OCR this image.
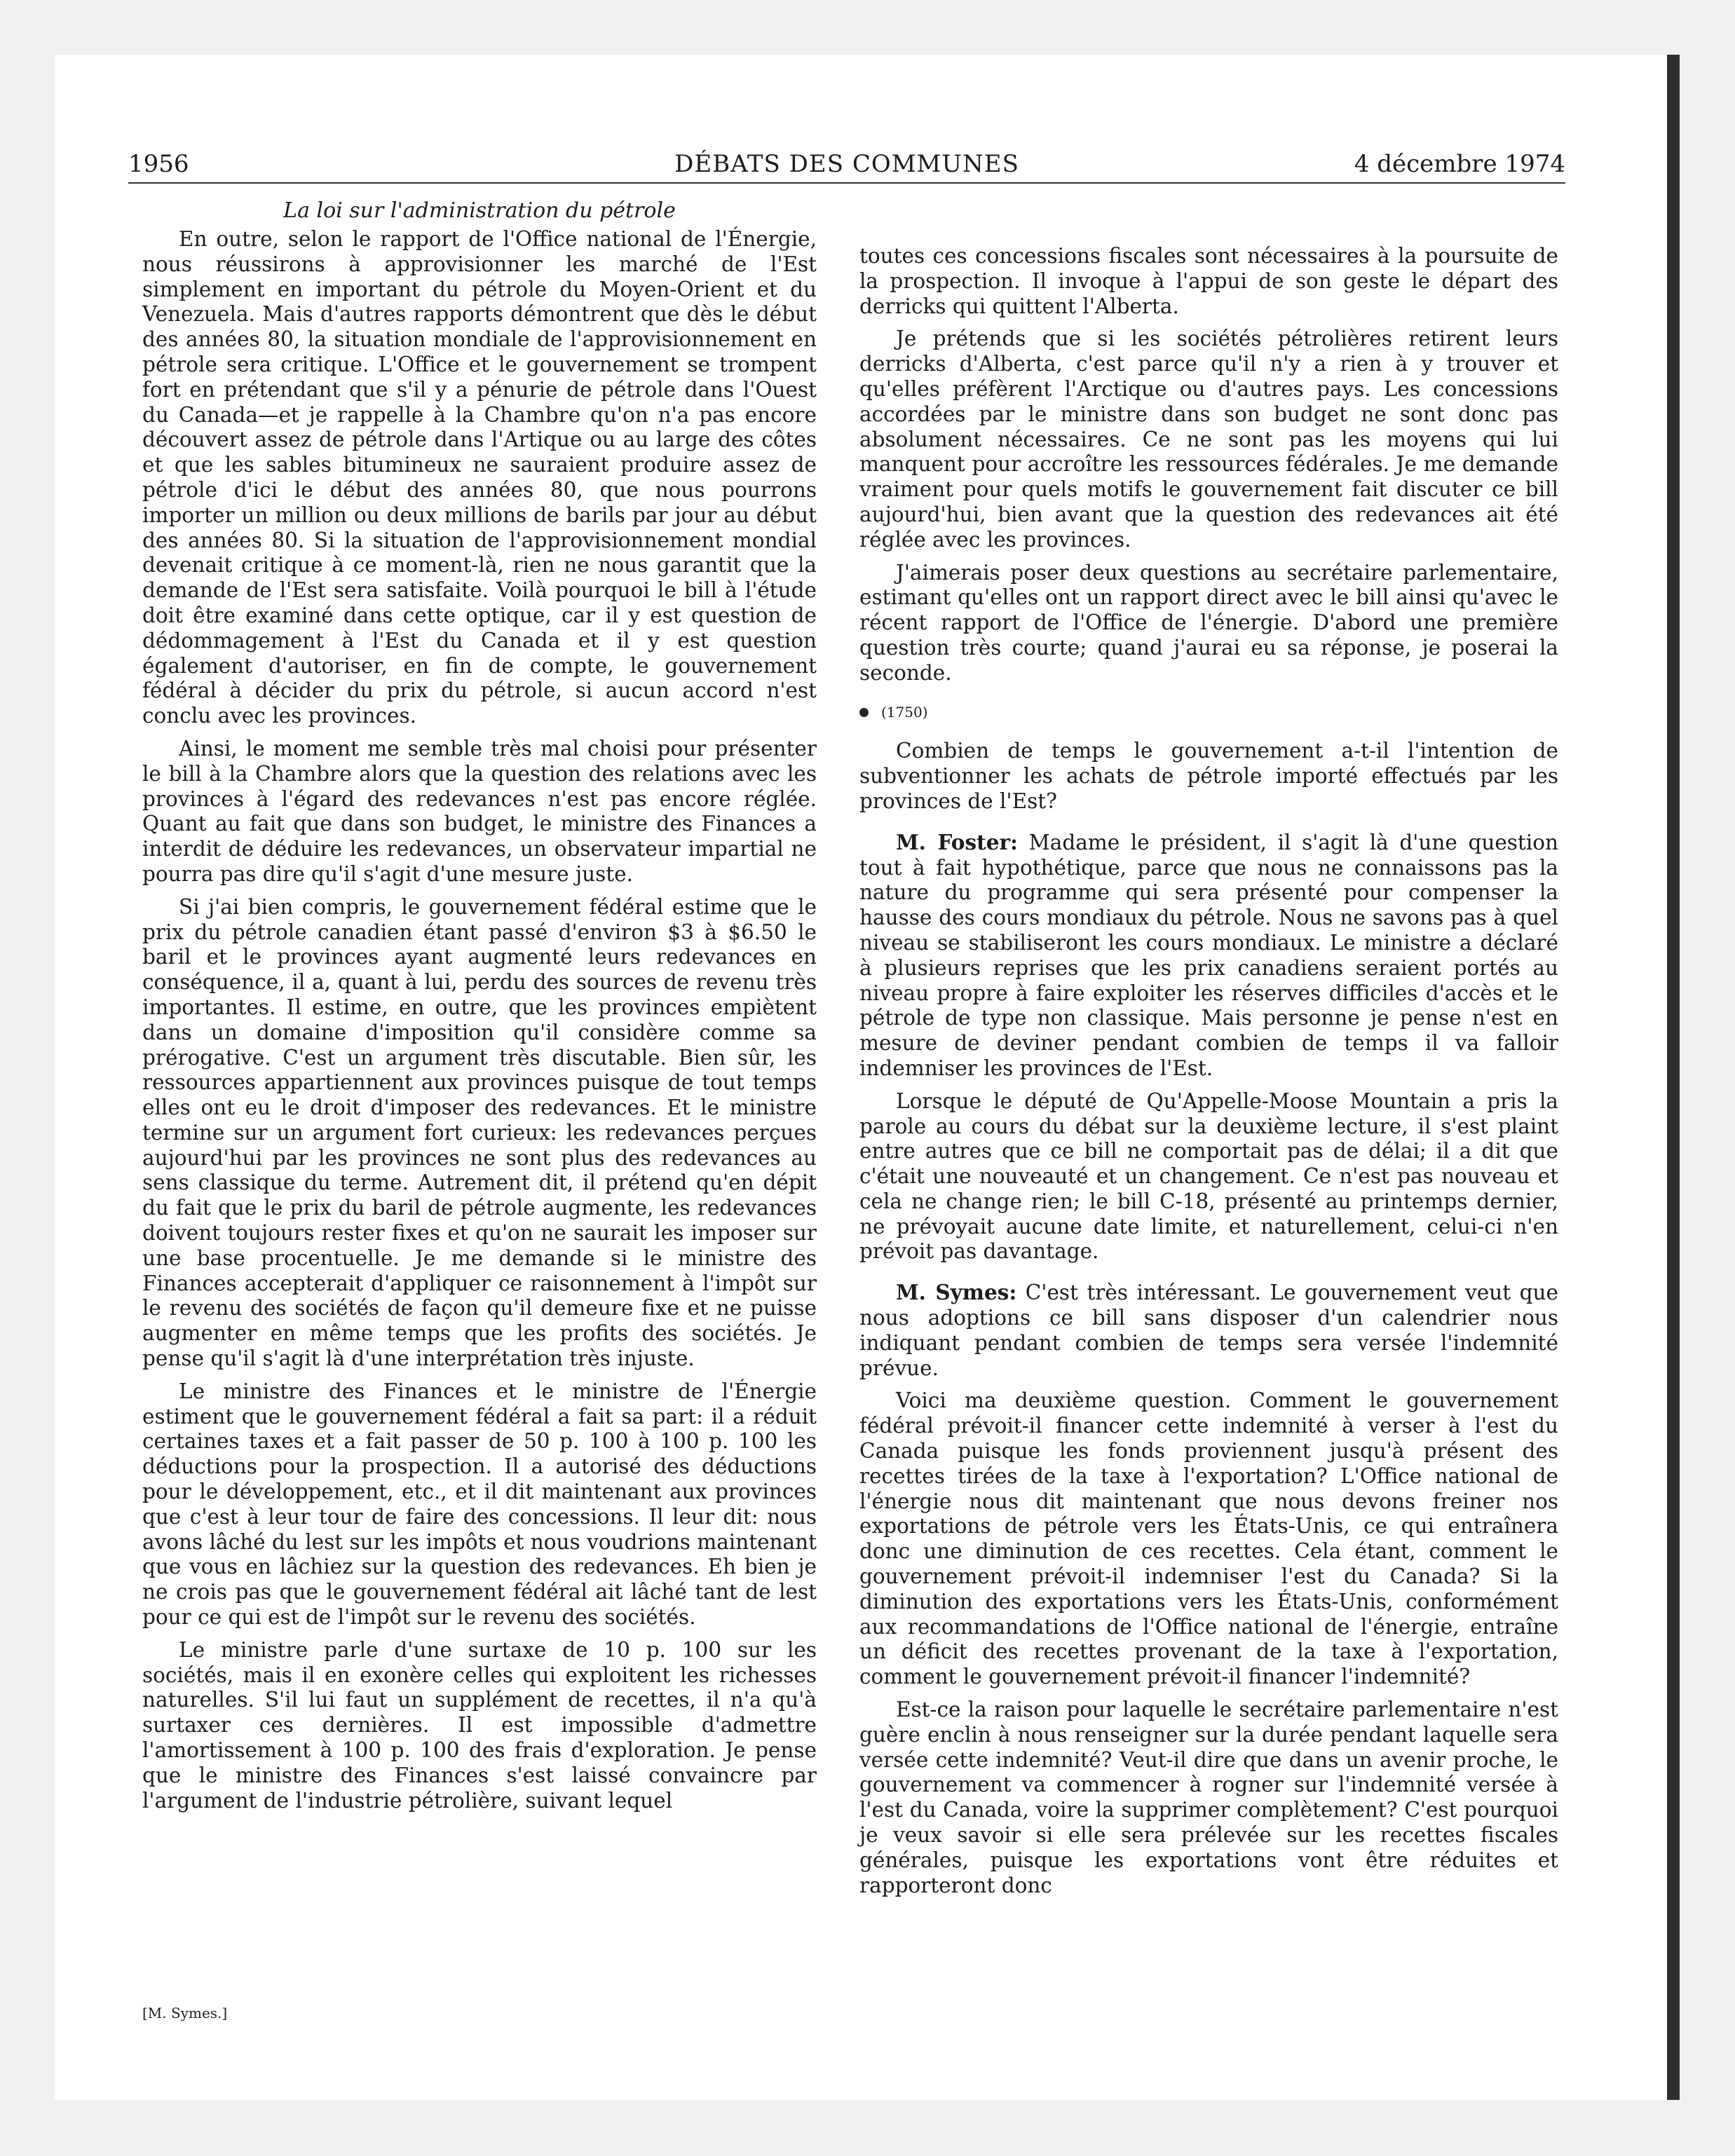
1956	DÉBATS DES COMMUNES	4 décembre 1974
La loi sur l'administration du pétrole

En outre, selon le rapport de l'Office national de l'Énergie, nous réussirons à approvisionner les marché de l'Est simplement en important du pétrole du Moyen-Orient et du Venezuela. Mais d'autres rapports démontrent que dès le début des années 80, la situation mondiale de l'approvisionnement en pétrole sera critique. L'Office et le gouvernement se trompent fort en prétendant que s'il y a pénurie de pétrole dans l'Ouest du Canada—et je rappelle à la Chambre qu'on n'a pas encore découvert assez de pétrole dans l'Artique ou au large des côtes et que les sables bitumineux ne sauraient produire assez de pétrole d'ici le début des années 80, que nous pourrons importer un million ou deux millions de barils par jour au début des années 80. Si la situation de l'approvisionnement mondial devenait critique à ce moment-là, rien ne nous garantit que la demande de l'Est sera satisfaite. Voilà pourquoi le bill à l'étude doit être examiné dans cette optique, car il y est question de dédommagement à l'Est du Canada et il y est question également d'autoriser, en fin de compte, le gouvernement fédéral à décider du prix du pétrole, si aucun accord n'est conclu avec les provinces.

Ainsi, le moment me semble très mal choisi pour présenter le bill à la Chambre alors que la question des relations avec les provinces à l'égard des redevances n'est pas encore réglée. Quant au fait que dans son budget, le ministre des Finances a interdit de déduire les redevances, un observateur impartial ne pourra pas dire qu'il s'agit d'une mesure juste.

Si j'ai bien compris, le gouvernement fédéral estime que le prix du pétrole canadien étant passé d'environ $3 à $6.50 le baril et le provinces ayant augmenté leurs redevances en conséquence, il a, quant à lui, perdu des sources de revenu très importantes. Il estime, en outre, que les provinces empiètent dans un domaine d'imposition qu'il considère comme sa prérogative. C'est un argument très discutable. Bien sûr, les ressources appartiennent aux provinces puisque de tout temps elles ont eu le droit d'imposer des redevances. Et le ministre termine sur un argument fort curieux: les redevances perçues aujourd'hui par les provinces ne sont plus des redevances au sens classique du terme. Autrement dit, il prétend qu'en dépit du fait que le prix du baril de pétrole augmente, les redevances doivent toujours rester fixes et qu'on ne saurait les imposer sur une base procentuelle. Je me demande si le ministre des Finances accepterait d'appliquer ce raisonnement à l'impôt sur le revenu des sociétés de façon qu'il demeure fixe et ne puisse augmenter en même temps que les profits des sociétés. Je pense qu'il s'agit là d'une interprétation très injuste.

Le ministre des Finances et le ministre de l'Énergie estiment que le gouvernement fédéral a fait sa part: il a réduit certaines taxes et a fait passer de 50 p. 100 à 100 p. 100 les déductions pour la prospection. Il a autorisé des déductions pour le développement, etc., et il dit maintenant aux provinces que c'est à leur tour de faire des concessions. Il leur dit: nous avons lâché du lest sur les impôts et nous voudrions maintenant que vous en lâchiez sur la question des redevances. Eh bien je ne crois pas que le gouvernement fédéral ait lâché tant de lest pour ce qui est de l'impôt sur le revenu des sociétés.

Le ministre parle d'une surtaxe de 10 p. 100 sur les sociétés, mais il en exonère celles qui exploitent les richesses naturelles. S'il lui faut un supplément de recettes, il n'a qu'à surtaxer ces dernières. Il est impossible d'admettre l'amortissement à 100 p. 100 des frais d'exploration. Je pense que le ministre des Finances s'est laissé convaincre par l'argument de l'industrie pétrolière, suivant lequel

[M. Symes.]

toutes ces concessions fiscales sont nécessaires à la poursuite de la prospection. Il invoque à l'appui de son geste le départ des derricks qui quittent l'Alberta.

Je prétends que si les sociétés pétrolières retirent leurs derricks d'Alberta, c'est parce qu'il n'y a rien à y trouver et qu'elles préfèrent l'Arctique ou d'autres pays. Les concessions accordées par le ministre dans son budget ne sont donc pas absolument nécessaires. Ce ne sont pas les moyens qui lui manquent pour accroître les ressources fédérales. Je me demande vraiment pour quels motifs le gouvernement fait discuter ce bill aujourd'hui, bien avant que la question des redevances ait été réglée avec les provinces.

J'aimerais poser deux questions au secrétaire parlementaire, estimant qu'elles ont un rapport direct avec le bill ainsi qu'avec le récent rapport de l'Office de l'énergie. D'abord une première question très courte; quand j'aurai eu sa réponse, je poserai la seconde.

(1750)

Combien de temps le gouvernement a-t-il l'intention de subventionner les achats de pétrole importé effectués par les provinces de l'Est?

M. Foster: Madame le président, il s'agit là d'une question tout à fait hypothétique, parce que nous ne connaissons pas la nature du programme qui sera présenté pour compenser la hausse des cours mondiaux du pétrole. Nous ne savons pas à quel niveau se stabiliseront les cours mondiaux. Le ministre a déclaré à plusieurs reprises que les prix canadiens seraient portés au niveau propre à faire exploiter les réserves difficiles d'accès et le pétrole de type non classique. Mais personne je pense n'est en mesure de deviner pendant combien de temps il va falloir indemniser les provinces de l'Est.

Lorsque le député de Qu'Appelle-Moose Mountain a pris la parole au cours du débat sur la deuxième lecture, il s'est plaint entre autres que ce bill ne comportait pas de délai; il a dit que c'était une nouveauté et un changement. Ce n'est pas nouveau et cela ne change rien; le bill C-18, présenté au printemps dernier, ne prévoyait aucune date limite, et naturellement, celui-ci n'en prévoit pas davantage.

M. Symes: C'est très intéressant. Le gouvernement veut que nous adoptions ce bill sans disposer d'un calendrier nous indiquant pendant combien de temps sera versée l'indemnité prévue.

Voici ma deuxième question. Comment le gouvernement fédéral prévoit-il financer cette indemnité à verser à l'est du Canada puisque les fonds proviennent jusqu'à présent des recettes tirées de la taxe à l'exportation? L'Office national de l'énergie nous dit maintenant que nous devons freiner nos exportations de pétrole vers les États-Unis, ce qui entraînera donc une diminution de ces recettes. Cela étant, comment le gouvernement prévoit-il indemniser l'est du Canada? Si la diminution des exportations vers les États-Unis, conformément aux recommandations de l'Office national de l'énergie, entraîne un déficit des recettes provenant de la taxe à l'exportation, comment le gouvernement prévoit-il financer l'indemnité?

Est-ce la raison pour laquelle le secrétaire parlementaire n'est guère enclin à nous renseigner sur la durée pendant laquelle sera versée cette indemnité? Veut-il dire que dans un avenir proche, le gouvernement va commencer à rogner sur l'indemnité versée à l'est du Canada, voire la supprimer complètement? C'est pourquoi je veux savoir si elle sera prélevée sur les recettes fiscales générales, puisque les exportations vont être réduites et rapporteront donc
